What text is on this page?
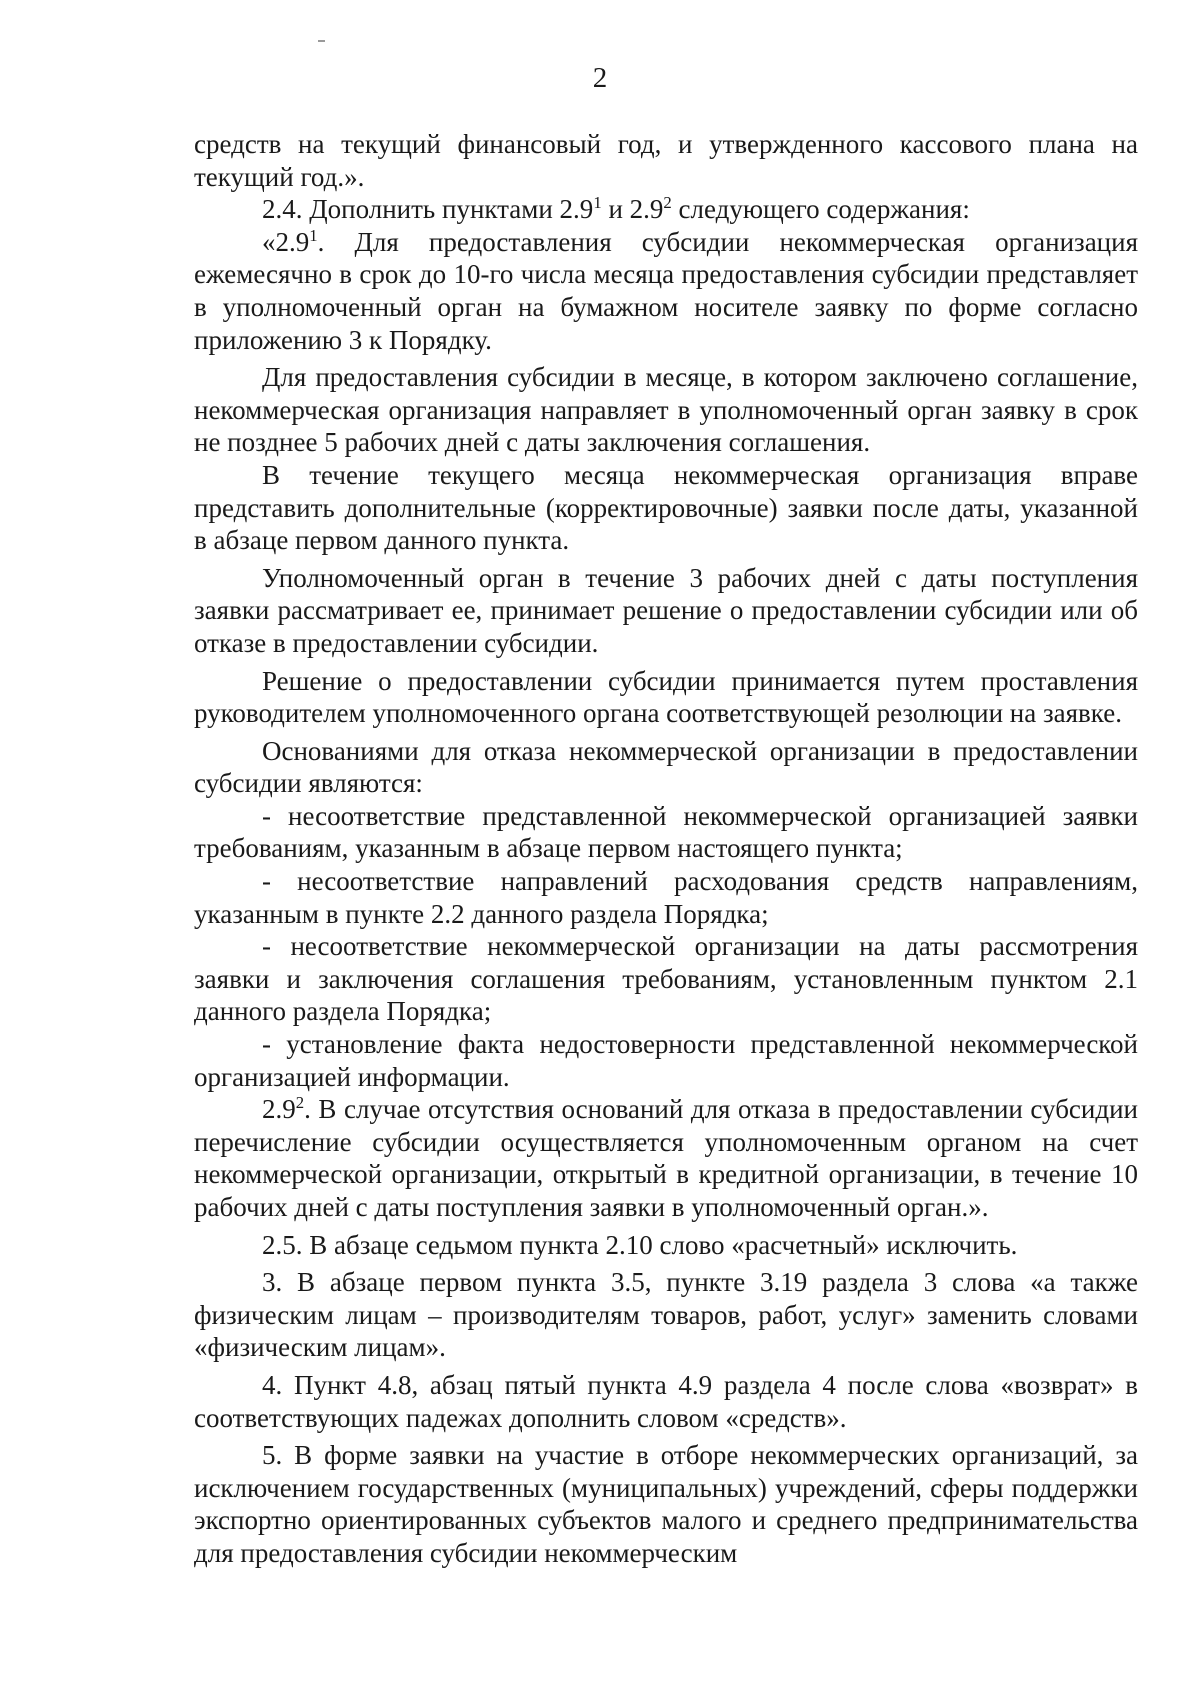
2

средств на текущий финансовый год, и утвержденного кассового плана на текущий год.».

2.4. Дополнить пунктами $2.9^1$ и $2.9^2$ следующего содержания:

«$2.9^1$. Для предоставления субсидии некоммерческая организация ежемесячно в срок до 10-го числа месяца предоставления субсидии представляет в уполномоченный орган на бумажном носителе заявку по форме согласно приложению 3 к Порядку.

Для предоставления субсидии в месяце, в котором заключено соглашение, некоммерческая организация направляет в уполномоченный орган заявку в срок не позднее 5 рабочих дней с даты заключения соглашения.

В течение текущего месяца некоммерческая организация вправе представить дополнительные (корректировочные) заявки после даты, указанной в абзаце первом данного пункта.

Уполномоченный орган в течение 3 рабочих дней с даты поступления заявки рассматривает ее, принимает решение о предоставлении субсидии или об отказе в предоставлении субсидии.

Решение о предоставлении субсидии принимается путем проставления руководителем уполномоченного органа соответствующей резолюции на заявке.

Основаниями для отказа некоммерческой организации в предоставлении субсидии являются:

- несоответствие представленной некоммерческой организацией заявки требованиям, указанным в абзаце первом настоящего пункта;

- несоответствие направлений расходования средств направлениям, указанным в пункте 2.2 данного раздела Порядка;

- несоответствие некоммерческой организации на даты рассмотрения заявки и заключения соглашения требованиям, установленным пунктом 2.1 данного раздела Порядка;

- установление факта недостоверности представленной некоммерческой организацией информации.

$2.9^2$. В случае отсутствия оснований для отказа в предоставлении субсидии перечисление субсидии осуществляется уполномоченным органом на счет некоммерческой организации, открытый в кредитной организации, в течение 10 рабочих дней с даты поступления заявки в уполномоченный орган.».

2.5. В абзаце седьмом пункта 2.10 слово «расчетный» исключить.

3. В абзаце первом пункта 3.5, пункте 3.19 раздела 3 слова «а также физическим лицам – производителям товаров, работ, услуг» заменить словами «физическим лицам».

4. Пункт 4.8, абзац пятый пункта 4.9 раздела 4 после слова «возврат» в соответствующих падежах дополнить словом «средств».

5. В форме заявки на участие в отборе некоммерческих организаций, за исключением государственных (муниципальных) учреждений, сферы поддержки экспортно ориентированных субъектов малого и среднего предпринимательства для предоставления субсидии некоммерческим
